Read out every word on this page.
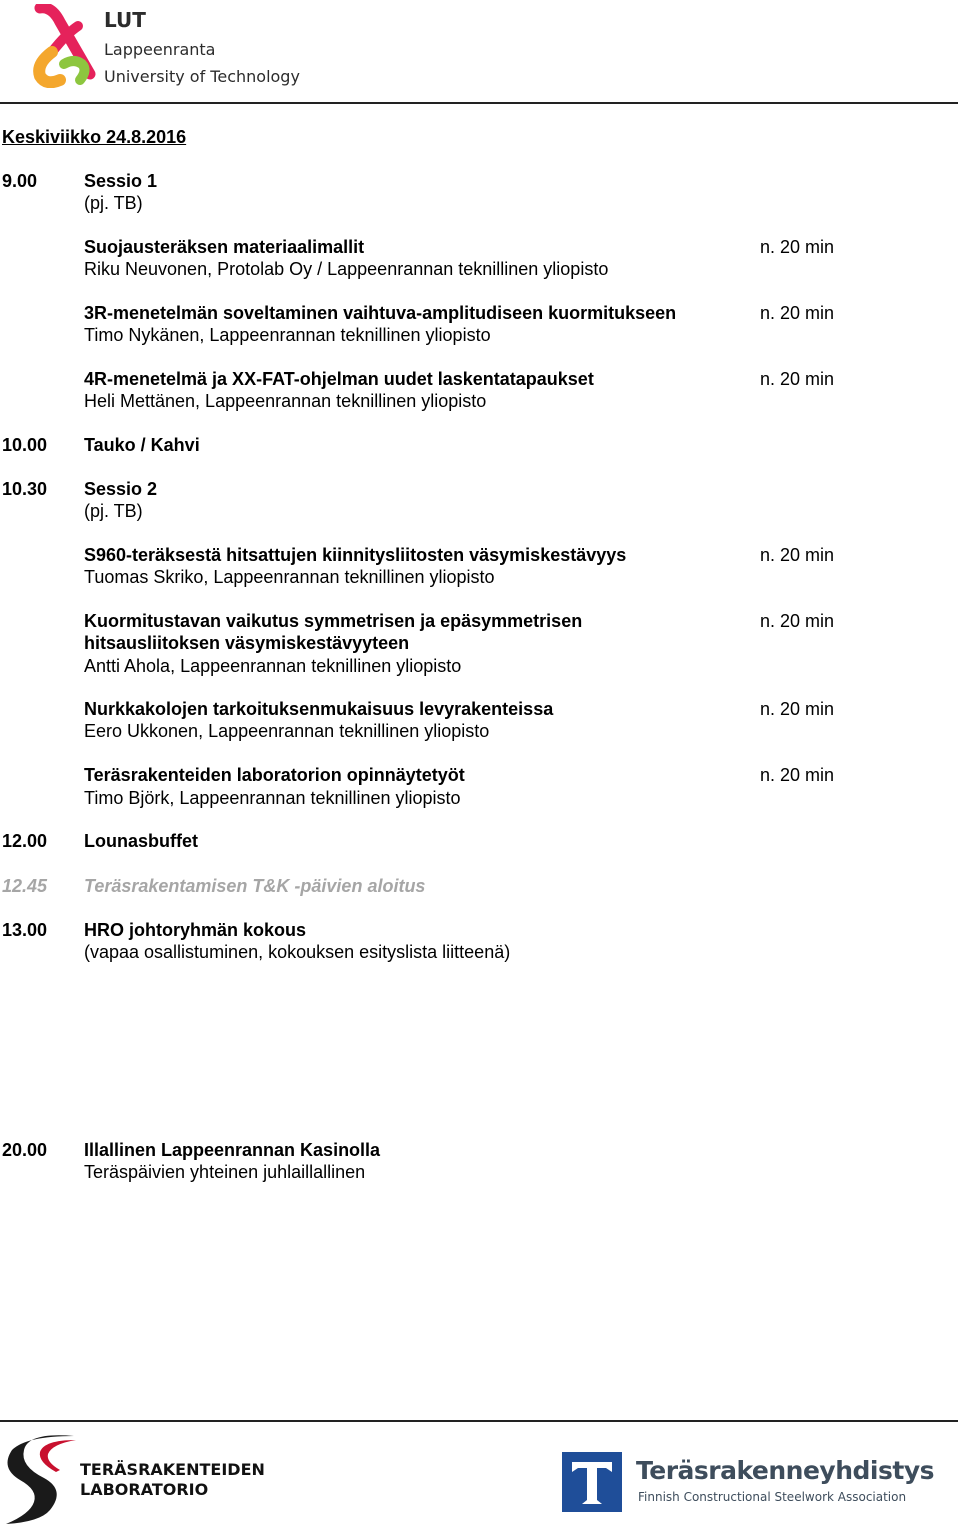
LUT
Lappeenranta
University of Technology
Keskiviikko 24.8.2016
9.00	Sessio 1
(pj. TB)
Suojausteräksen materiaalimallit
Riku Neuvonen, Protolab Oy / Lappeenrannan teknillinen yliopisto
n. 20 min
3R-menetelmän soveltaminen vaihtuva-amplitudiseen kuormitukseen
Timo Nykänen, Lappeenrannan teknillinen yliopisto
n. 20 min
4R-menetelmä ja XX-FAT-ohjelman uudet laskentatapaukset
Heli Mettänen, Lappeenrannan teknillinen yliopisto
n. 20 min
10.00 Tauko / Kahvi
10.30 Sessio 2
(pj. TB)
S960-teräksestä hitsattujen kiinnitysliitosten väsymiskestävyys
Tuomas Skriko, Lappeenrannan teknillinen yliopisto
n. 20 min
Kuormitustavan vaikutus symmetrisen ja epäsymmetrisen
hitsausliitoksen väsymiskestävyyteen
Antti Ahola, Lappeenrannan teknillinen yliopisto
n. 20 min
Nurkkakolojen tarkoituksenmukaisuus levyrakenteissa
Eero Ukkonen, Lappeenrannan teknillinen yliopisto
n. 20 min
Teräsrakenteiden laboratorion opinnäytetyöt
Timo Björk, Lappeenrannan teknillinen yliopisto
n. 20 min
12.00 Lounasbuffet
12.45 Teräsrakentamisen T&K -päivien aloitus
13.00 HRO johtoryhmän kokous
(vapaa osallistuminen, kokouksen esityslista liitteenä)
20.00 Illallinen Lappeenrannan Kasinolla
Teräspäivien yhteinen juhlaillallinen
TERÄSRAKENTEIDEN
LABORATORIO
Teräsrakenneyhdistys
Finnish Constructional Steelwork Association
